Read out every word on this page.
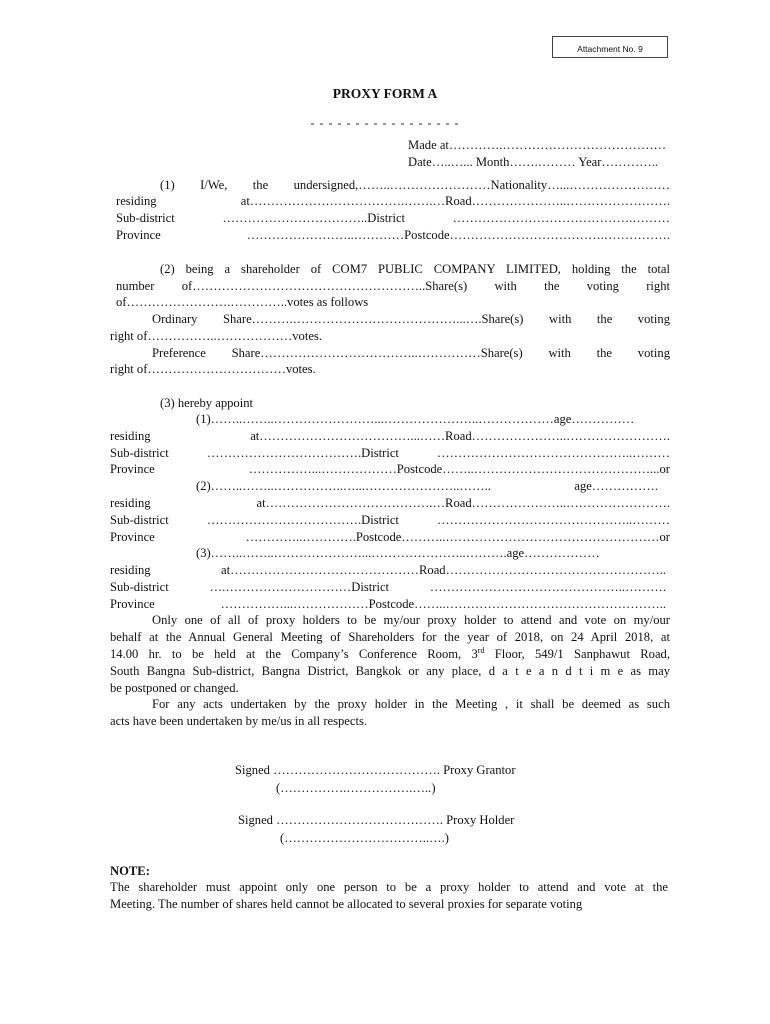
Attachment No. 9
PROXY FORM A
- - - - - - - - - - - - - - - - -
Made at………….…………………………………
Date…..…... Month…….……… Year…………..
(1) I/We, the undersigned,……..……………………Nationality…...……………………
residing at……………………………….…….…Road…………………..…………………….
Sub-district ……………………………..District …………………………………….………
Province ……………………..…………Postcode……………………………….…………….
(2) being a shareholder of COM7 PUBLIC COMPANY LIMITED, holding the total
number of………………………………………………..Share(s) with the voting right
of…………………….…………..votes as follows
Ordinary Share……….…………………………………...….Share(s) with the voting
right of……………..………………votes.
Preference Share………………………………..……………Share(s) with the voting
right of……………………………votes.
(3) hereby appoint
(1)……..……..……………………...…………………..………………age……………
residing at………………………………...……Road…………………..…………………….
Sub-district ……………………………….District ………………………………………..………
Province ……………...………………Postcode……..……………………………………...or
(2)……..……..……………..…...…………………..…….. age…………….
residing at………………………………….…Road…………………..…………………….
Sub-district ……………………………….District ………………………………………..………
Province …………..………….Postcode………..……………………………………………or
(3)……..……..…………………...…………………..……….age………………
residing at………………………………………Road……………………………………………..
Sub-district ….…………………………District ………………………………………..……….
Province ……………...………………Postcode……..……………………………………………..
Only one of all of proxy holders to be my/our proxy holder to attend and vote on my/our
behalf at the Annual General Meeting of Shareholders for the year of 2018, on 24 April 2018, at
14.00 hr. to be held at the Company’s Conference Room, 3rd Floor, 549/1 Sanphawut Road,
South Bangna Sub-district, Bangna District, Bangkok or any place, d a t e a n d t i m e as may
be postponed or changed.
For any acts undertaken by the proxy holder in the Meeting , it shall be deemed as such
acts have been undertaken by me/us in all respects.
Signed …………………………………. Proxy Grantor
(…………….…………….…..)
Signed …………………………………. Proxy Holder
(……………………………..….)
NOTE:
The shareholder must appoint only one person to be a proxy holder to attend and vote at the
Meeting. The number of shares held cannot be allocated to several proxies for separate voting
